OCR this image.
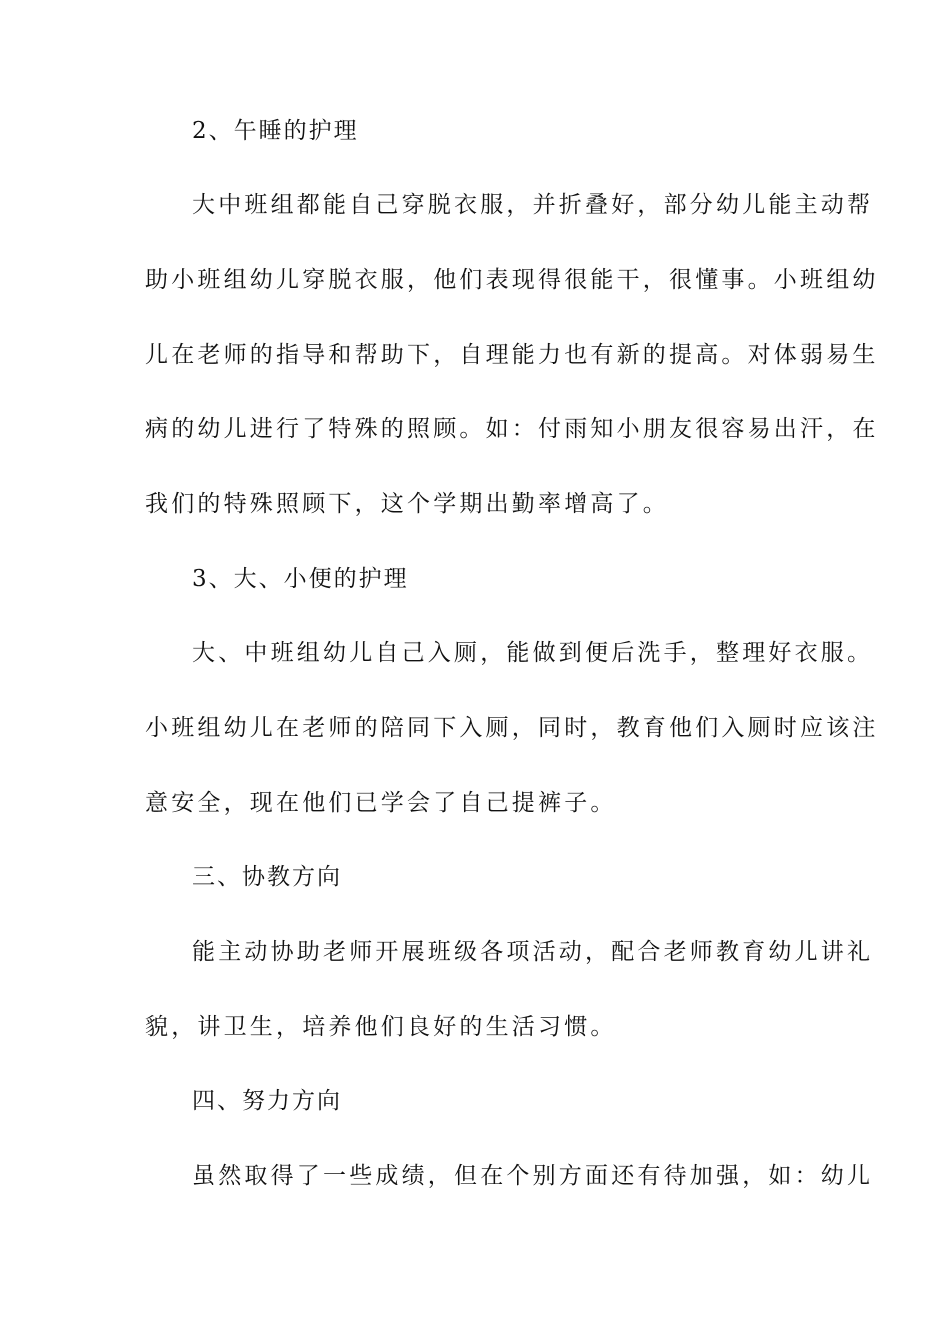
2、午睡的护理
大中班组都能自己穿脱衣服，并折叠好，部分幼儿能主动帮
助小班组幼儿穿脱衣服，他们表现得很能干，很懂事。小班组幼
儿在老师的指导和帮助下，自理能力也有新的提高。对体弱易生
病的幼儿进行了特殊的照顾。如：付雨知小朋友很容易出汗，在
我们的特殊照顾下，这个学期出勤率增高了。
3、大、小便的护理
大、中班组幼儿自己入厕，能做到便后洗手，整理好衣服。
小班组幼儿在老师的陪同下入厕，同时，教育他们入厕时应该注
意安全，现在他们已学会了自己提裤子。
三、协教方向
能主动协助老师开展班级各项活动，配合老师教育幼儿讲礼
貌，讲卫生，培养他们良好的生活习惯。
四、努力方向
虽然取得了一些成绩，但在个别方面还有待加强，如：幼儿
